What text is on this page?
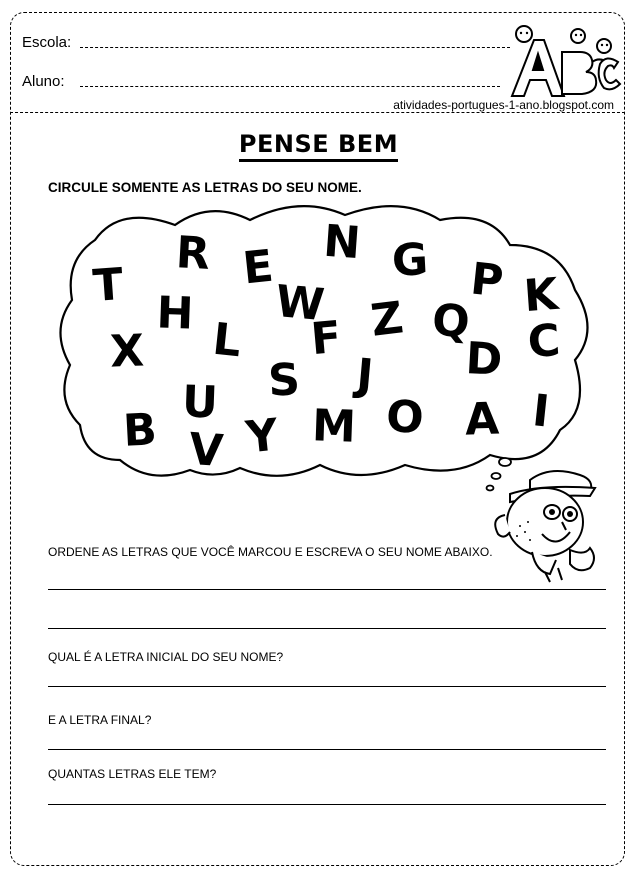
Escola:
Aluno:
atividades-portugues-1-ano.blogspot.com
PENSE BEM
CIRCULE SOMENTE AS LETRAS DO SEU NOME.
T
R E N G P K
H W Z Q
X L F	D C
S J
U
B V Y M O A I
ORDENE AS LETRAS QUE VOCÊ MARCOU E ESCREVA O SEU NOME ABAIXO.
QUAL É A LETRA INICIAL DO SEU NOME?
E A LETRA FINAL?
QUANTAS LETRAS ELE TEM?
